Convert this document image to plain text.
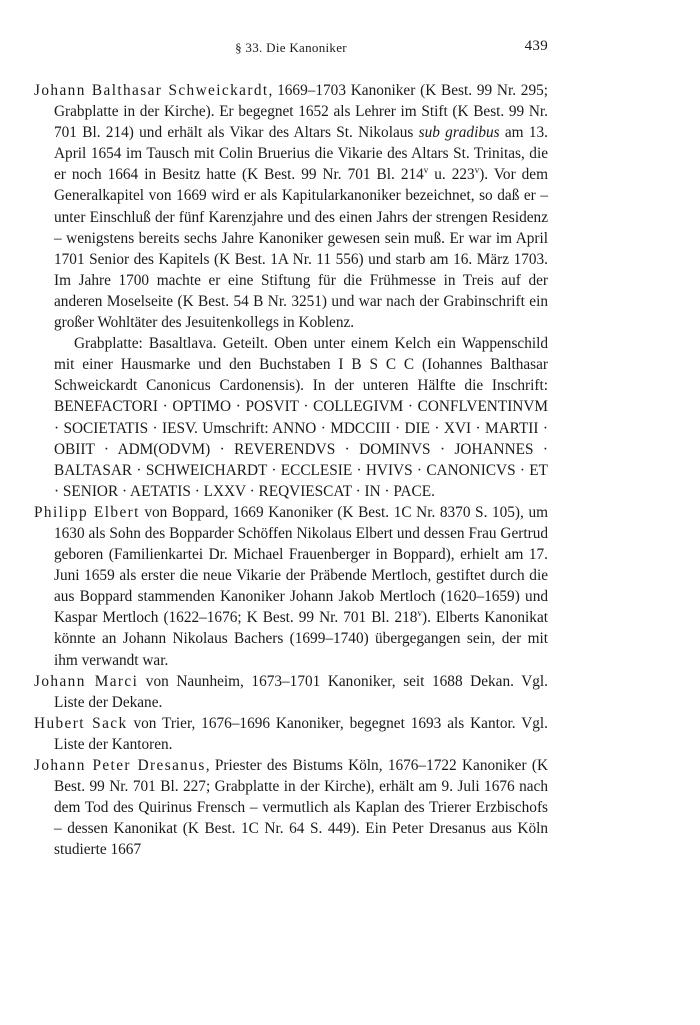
§ 33. Die Kanoniker	439

Johann Balthasar Schweickardt, 1669–1703 Kanoniker (K Best. 99 Nr. 295; Grabplatte in der Kirche). Er begegnet 1652 als Lehrer im Stift (K Best. 99 Nr. 701 Bl. 214) und erhält als Vikar des Altars St. Nikolaus sub gradibus am 13. April 1654 im Tausch mit Colin Bruerius die Vikarie des Altars St. Trinitas, die er noch 1664 in Besitz hatte (K Best. 99 Nr. 701 Bl. 214$^v$ u. 223$^v$). Vor dem Generalkapitel von 1669 wird er als Kapitularkanoniker bezeichnet, so daß er – unter Einschluß der fünf Karenzjahre und des einen Jahrs der strengen Residenz – wenigstens bereits sechs Jahre Kanoniker gewesen sein muß. Er war im April 1701 Senior des Kapitels (K Best. 1A Nr. 11 556) und starb am 16. März 1703. Im Jahre 1700 machte er eine Stiftung für die Frühmesse in Treis auf der anderen Moselseite (K Best. 54 B Nr. 3251) und war nach der Grabinschrift ein großer Wohltäter des Jesuitenkollegs in Koblenz.

Grabplatte: Basaltlava. Geteilt. Oben unter einem Kelch ein Wappenschild mit einer Hausmarke und den Buchstaben I B S C C (Iohannes Balthasar Schweickardt Canonicus Cardonensis). In der unteren Hälfte die Inschrift: BENEFACTORI · OPTIMO · POSVIT · COLLEGIVM · CONFLVENTINVM · SOCIETATIS · IESV. Umschrift: ANNO · MDCCIII · DIE · XVI · MARTII · OBIIT · ADM(ODVM) · REVERENDVS · DOMINVS · JOHANNES · BALTASAR · SCHWEICHARDT · ECCLESIE · HVIVS · CANONICVS · ET · SENIOR · AETATIS · LXXV · REQVIESCAT · IN · PACE.

Philipp Elbert von Boppard, 1669 Kanoniker (K Best. 1C Nr. 8370 S. 105), um 1630 als Sohn des Bopparder Schöffen Nikolaus Elbert und dessen Frau Gertrud geboren (Familienkartei Dr. Michael Frauenberger in Boppard), erhielt am 17. Juni 1659 als erster die neue Vikarie der Präbende Mertloch, gestiftet durch die aus Boppard stammenden Kanoniker Johann Jakob Mertloch (1620–1659) und Kaspar Mertloch (1622–1676; K Best. 99 Nr. 701 Bl. 218$^v$). Elberts Kanonikat könnte an Johann Nikolaus Bachers (1699–1740) übergegangen sein, der mit ihm verwandt war.

Johann Marci von Naunheim, 1673–1701 Kanoniker, seit 1688 Dekan. Vgl. Liste der Dekane.

Hubert Sack von Trier, 1676–1696 Kanoniker, begegnet 1693 als Kantor. Vgl. Liste der Kantoren.

Johann Peter Dresanus, Priester des Bistums Köln, 1676–1722 Kanoniker (K Best. 99 Nr. 701 Bl. 227; Grabplatte in der Kirche), erhält am 9. Juli 1676 nach dem Tod des Quirinus Frensch – vermutlich als Kaplan des Trierer Erzbischofs – dessen Kanonikat (K Best. 1C Nr. 64 S. 449). Ein Peter Dresanus aus Köln studierte 1667
